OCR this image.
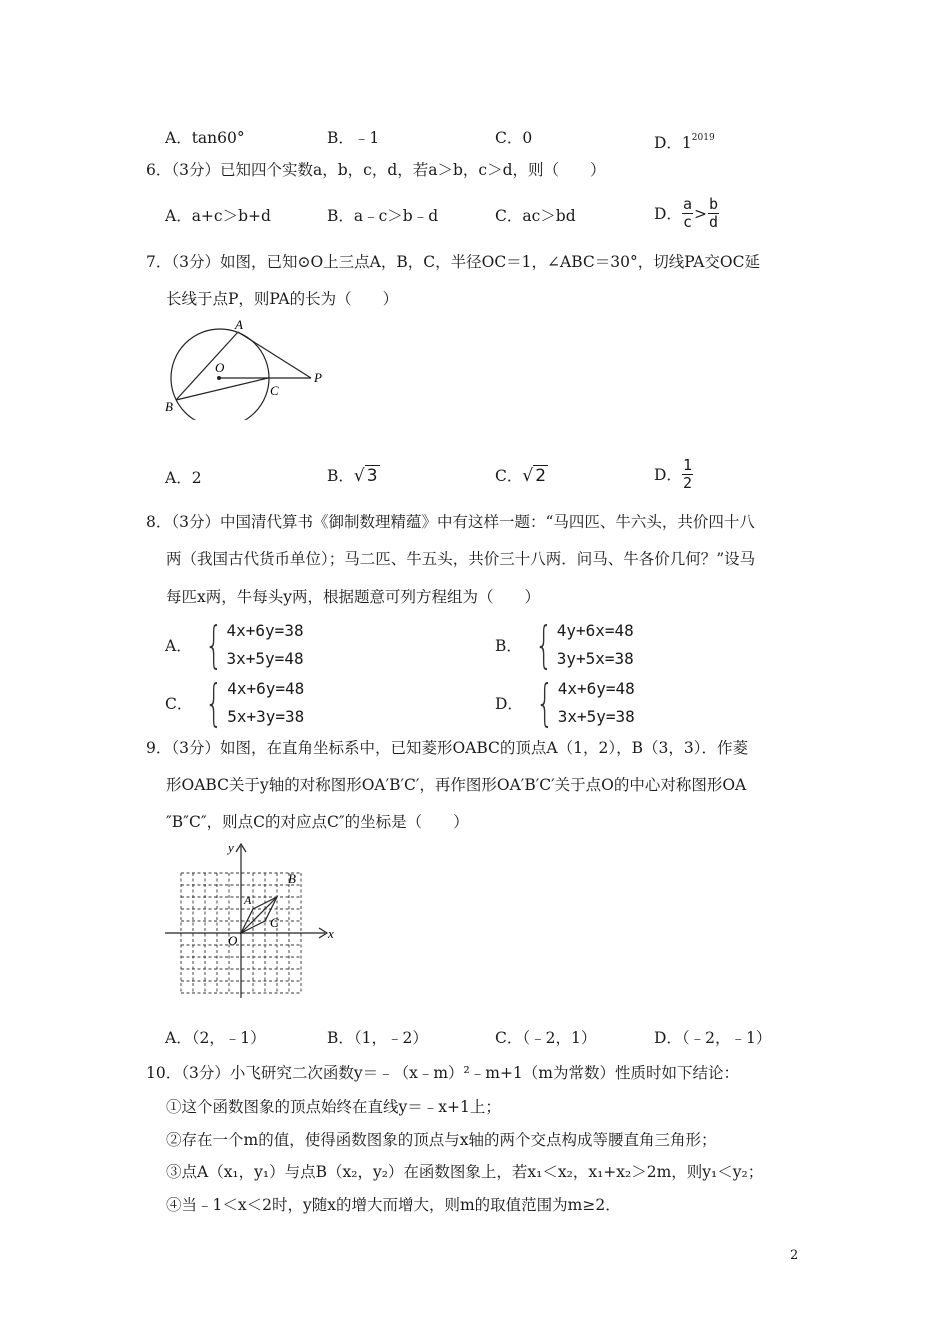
A．tan60°	B．﹣1	C．0	D．$1^{2019}$
6．（3分）已知四个实数a，b，c，d，若a＞b，c＞d，则（　　）
A．a+c＞b+d	B．a﹣c＞b﹣d	C．ac＞bd	D． $\frac{a}{c} > \frac{b}{d}$
7．（3分）如图，已知⊙O上三点A，B，C，半径OC＝1，∠ABC＝30°，切线PA交OC延
长线于点P，则PA的长为（　　）
A
O
C
P
B
A．2	B．√ 3	C．√ 2	D． $\frac{1}{2}$
8．（3分）中国清代算书《御制数理精蕴》中有这样一题：“马四匹、牛六头，共价四十八
两（我国古代货币单位）；马二匹、牛五头，共价三十八两．问马、牛各价几何？”设马
每匹x两，牛每头y两，根据题意可列方程组为（　　）
A． { 4x+6y=38
3x+5y=48
B． { 4y+6x=48
3y+5x=38
C． { 4x+6y=48
5x+3y=38
D． { 4x+6y=48
3x+5y=38
9．（3分）如图，在直角坐标系中，已知菱形OABC的顶点A（1，2），B（3，3）．作菱
形OABC关于y轴的对称图形OA′B′C′，再作图形OA′B′C′关于点O的中心对称图形OA
″B″C″，则点C的对应点C″的坐标是（　　）
y
x
O
A
B
C
A．（2，﹣1）	B．（1，﹣2）	C．（﹣2，1）	D．（﹣2，﹣1）
10．（3分）小飞研究二次函数y＝﹣（x﹣m）²﹣m+1（m为常数）性质时如下结论：
①这个函数图象的顶点始终在直线y＝﹣x+1上；
②存在一个m的值，使得函数图象的顶点与x轴的两个交点构成等腰直角三角形；
③点A（x₁，y₁）与点B（x₂，y₂）在函数图象上，若x₁＜x₂，x₁+x₂＞2m，则y₁＜y₂；
④当﹣1＜x＜2时，y随x的增大而增大，则m的取值范围为m≥2．
2
